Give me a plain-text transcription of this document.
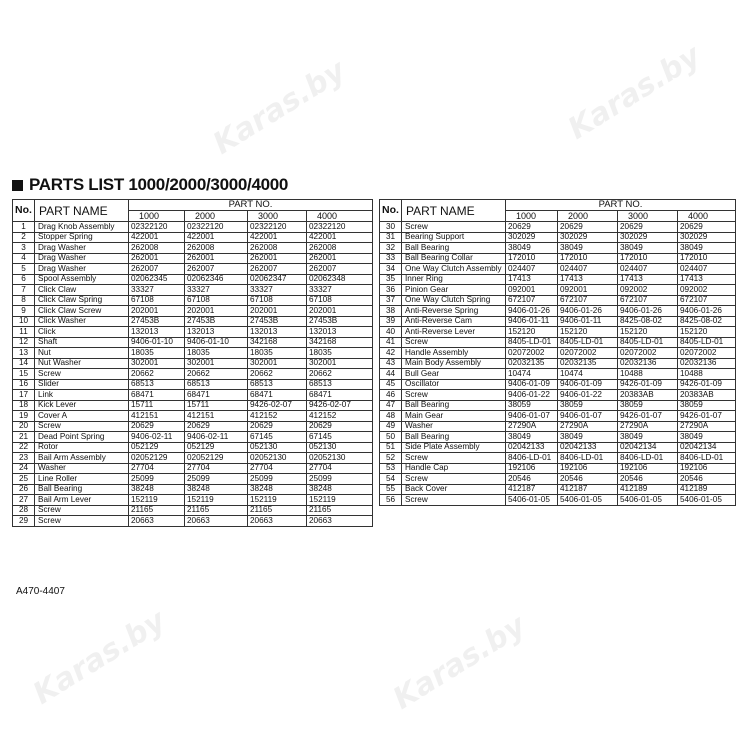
Karas.by	Karas.by
Karas.by	Karas.by
PARTS LIST 1000/2000/3000/4000
No.	PART NAME	PART NO.			
		1000	2000	3000	4000
1	Drag Knob Assembly	02322120	02322120	02322120	02322120
2	Stopper Spring	422001	422001	422001	422001
3	Drag Washer	262008	262008	262008	262008
4	Drag Washer	262001	262001	262001	262001
5	Drag Washer	262007	262007	262007	262007
6	Spool Assembly	02062345	02062346	02062347	02062348
7	Click Claw	33327	33327	33327	33327
8	Click Claw Spring	67108	67108	67108	67108
9	Click Claw Screw	202001	202001	202001	202001
10	Click Washer	27453B	27453B	27453B	27453B
11	Click	132013	132013	132013	132013
12	Shaft	9406-01-10	9406-01-10	342168	342168
13	Nut	18035	18035	18035	18035
14	Nut Washer	302001	302001	302001	302001
15	Screw	20662	20662	20662	20662
16	Slider	68513	68513	68513	68513
17	Link	68471	68471	68471	68471
18	Kick Lever	15711	15711	9426-02-07	9426-02-07
19	Cover A	412151	412151	412152	412152
20	Screw	20629	20629	20629	20629
21	Dead Point Spring	9406-02-11	9406-02-11	67145	67145
22	Rotor	052129	052129	052130	052130
23	Bail Arm Assembly	02052129	02052129	02052130	02052130
24	Washer	27704	27704	27704	27704
25	Line Roller	25099	25099	25099	25099
26	Ball Bearing	38248	38248	38248	38248
27	Bail Arm Lever	152119	152119	152119	152119
28	Screw	21165	21165	21165	21165
29	Screw	20663	20663	20663	20663
No.	PART NAME	PART NO.			
		1000	2000	3000	4000
30	Screw	20629	20629	20629	20629
31	Bearing Support	302029	302029	302029	302029
32	Ball Bearing	38049	38049	38049	38049
33	Ball Bearing Collar	172010	172010	172010	172010
34	One Way Clutch Assembly	024407	024407	024407	024407
35	Inner Ring	17413	17413	17413	17413
36	Pinion Gear	092001	092001	092002	092002
37	One Way Clutch Spring	672107	672107	672107	672107
38	Anti-Reverse Spring	9406-01-26	9406-01-26	9406-01-26	9406-01-26
39	Anti-Reverse Cam	9406-01-11	9406-01-11	8425-08-02	8425-08-02
40	Anti-Reverse Lever	152120	152120	152120	152120
41	Screw	8405-LD-01	8405-LD-01	8405-LD-01	8405-LD-01
42	Handle Assembly	02072002	02072002	02072002	02072002
43	Main Body Assembly	02032135	02032135	02032136	02032136
44	Bull Gear	10474	10474	10488	10488
45	Oscillator	9406-01-09	9406-01-09	9426-01-09	9426-01-09
46	Screw	9406-01-22	9406-01-22	20383AB	20383AB
47	Ball Bearing	38059	38059	38059	38059
48	Main Gear	9406-01-07	9406-01-07	9426-01-07	9426-01-07
49	Washer	27290A	27290A	27290A	27290A
50	Ball Bearing	38049	38049	38049	38049
51	Side Plate Assembly	02042133	02042133	02042134	02042134
52	Screw	8406-LD-01	8406-LD-01	8406-LD-01	8406-LD-01
53	Handle Cap	192106	192106	192106	192106
54	Screw	20546	20546	20546	20546
55	Back Cover	412187	412187	412189	412189
56	Screw	5406-01-05	5406-01-05	5406-01-05	5406-01-05
A470-4407
